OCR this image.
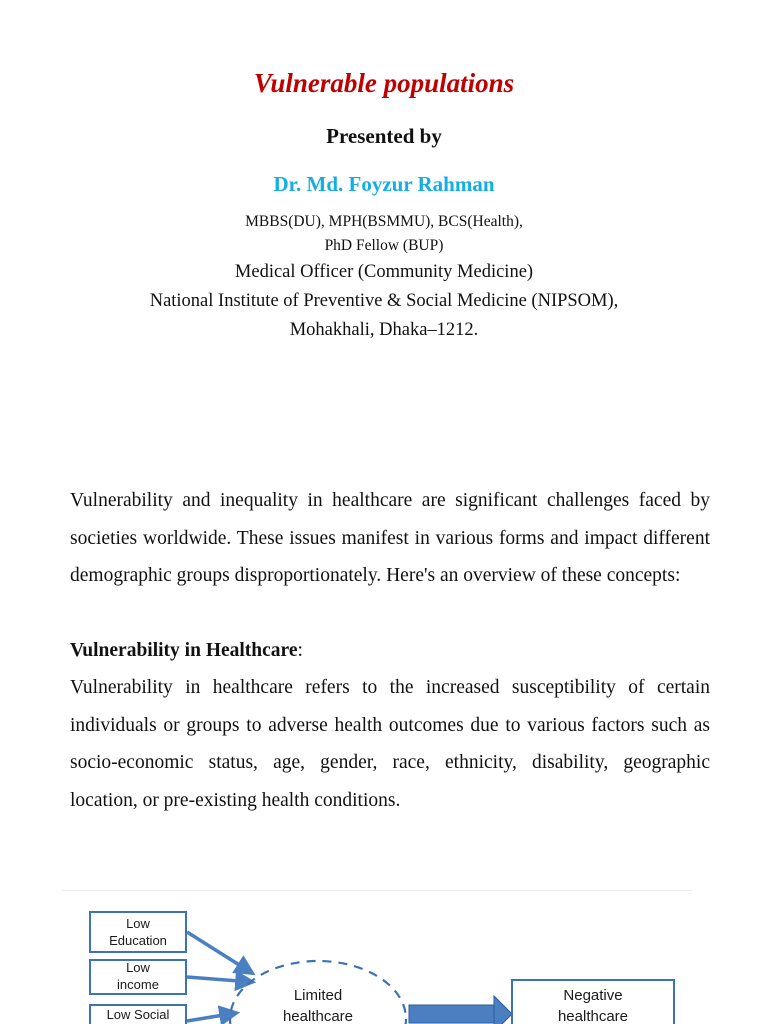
Vulnerable populations
Presented by
Dr. Md. Foyzur Rahman
MBBS(DU), MPH(BSMMU), BCS(Health),
PhD Fellow (BUP)
Medical Officer (Community Medicine)
National Institute of Preventive & Social Medicine (NIPSOM),
Mohakhali, Dhaka–1212.
Vulnerability and inequality in healthcare are significant challenges faced by societies worldwide. These issues manifest in various forms and impact different demographic groups disproportionately. Here's an overview of these concepts:
Vulnerability in Healthcare:
Vulnerability in healthcare refers to the increased susceptibility of certain individuals or groups to adverse health outcomes due to various factors such as socio-economic status, age, gender, race, ethnicity, disability, geographic location, or pre-existing health conditions.
Low
Education
Low
income
Low Social
Limited
healthcare
Negative
healthcare
